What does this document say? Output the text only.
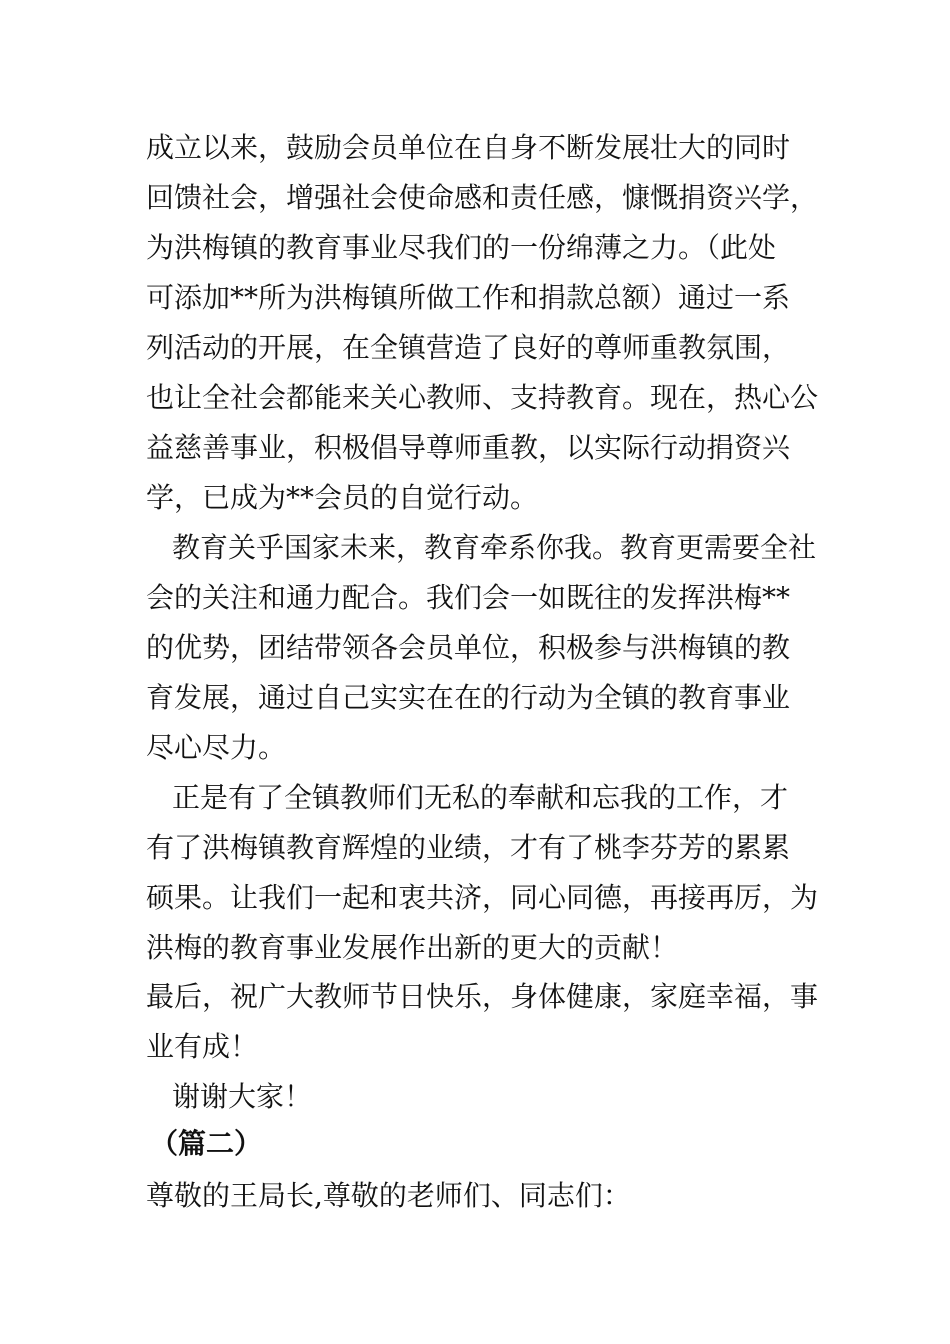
成立以来，鼓励会员单位在自身不断发展壮大的同时
回馈社会，增强社会使命感和责任感，慷慨捐资兴学，
为洪梅镇的教育事业尽我们的一份绵薄之力。（此处
可添加**所为洪梅镇所做工作和捐款总额）通过一系
列活动的开展，在全镇营造了良好的尊师重教氛围，
也让全社会都能来关心教师、支持教育。现在，热心公
益慈善事业，积极倡导尊师重教，以实际行动捐资兴
学，已成为**会员的自觉行动。
教育关乎国家未来，教育牵系你我。教育更需要全社
会的关注和通力配合。我们会一如既往的发挥洪梅**
的优势，团结带领各会员单位，积极参与洪梅镇的教
育发展，通过自己实实在在的行动为全镇的教育事业
尽心尽力。
正是有了全镇教师们无私的奉献和忘我的工作，才
有了洪梅镇教育辉煌的业绩，才有了桃李芬芳的累累
硕果。让我们一起和衷共济，同心同德，再接再厉，为
洪梅的教育事业发展作出新的更大的贡献！
最后，祝广大教师节日快乐，身体健康，家庭幸福，事
业有成！
谢谢大家！
（篇二）
尊敬的王局长,尊敬的老师们、同志们：
